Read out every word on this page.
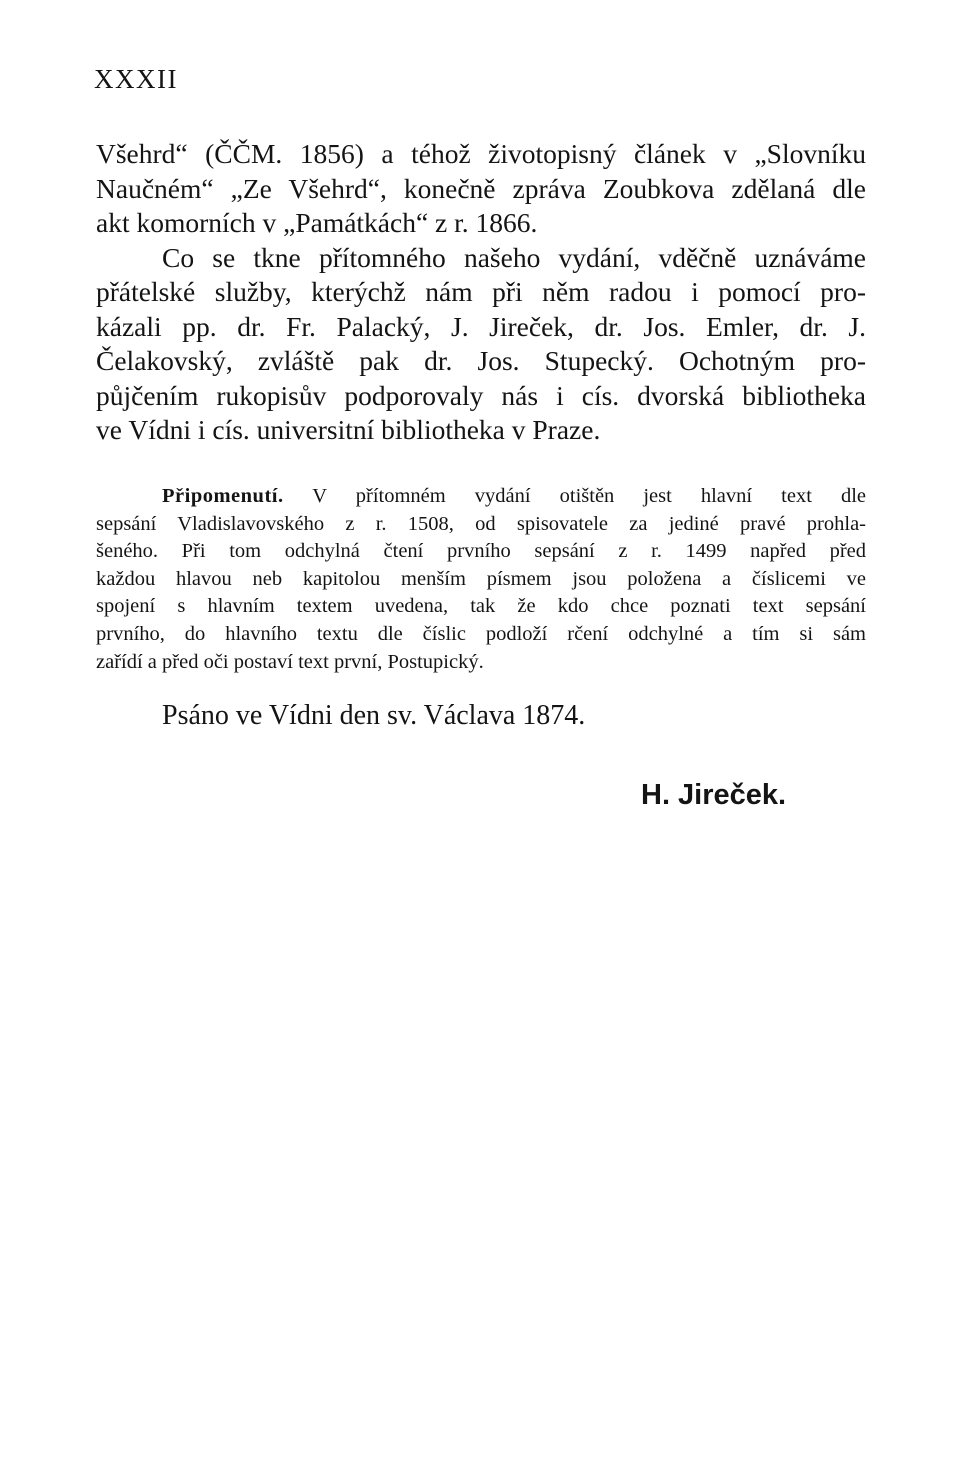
XXXII
Všehrd“ (ČČM. 1856) a téhož životopisný článek v „Slovníku
Naučném“ „Ze Všehrd“, konečně zpráva Zoubkova zdělaná dle
akt komorních v „Památkách“ z r. 1866.
Co se tkne přítomného našeho vydání, vděčně uznáváme
přátelské služby, kterýchž nám při něm radou i pomocí pro-
kázali pp. dr. Fr. Palacký, J. Jireček, dr. Jos. Emler, dr. J.
Čelakovský, zvláště pak dr. Jos. Stupecký. Ochotným pro-
půjčením rukopisův podporovaly nás i cís. dvorská bibliotheka
ve Vídni i cís. universitní bibliotheka v Praze.
Připomenutí. V přítomném vydání otištěn jest hlavní text dle
sepsání Vladislavovského z r. 1508, od spisovatele za jediné pravé prohla-
šeného. Při tom odchylná čtení prvního sepsání z r. 1499 napřed před
každou hlavou neb kapitolou menším písmem jsou položena a číslicemi ve
spojení s hlavním textem uvedena, tak že kdo chce poznati text sepsání
prvního, do hlavního textu dle číslic podloží rčení odchylné a tím si sám
zařídí a před oči postaví text první, Postupický.
Psáno ve Vídni den sv. Václava 1874.
H. Jireček.
